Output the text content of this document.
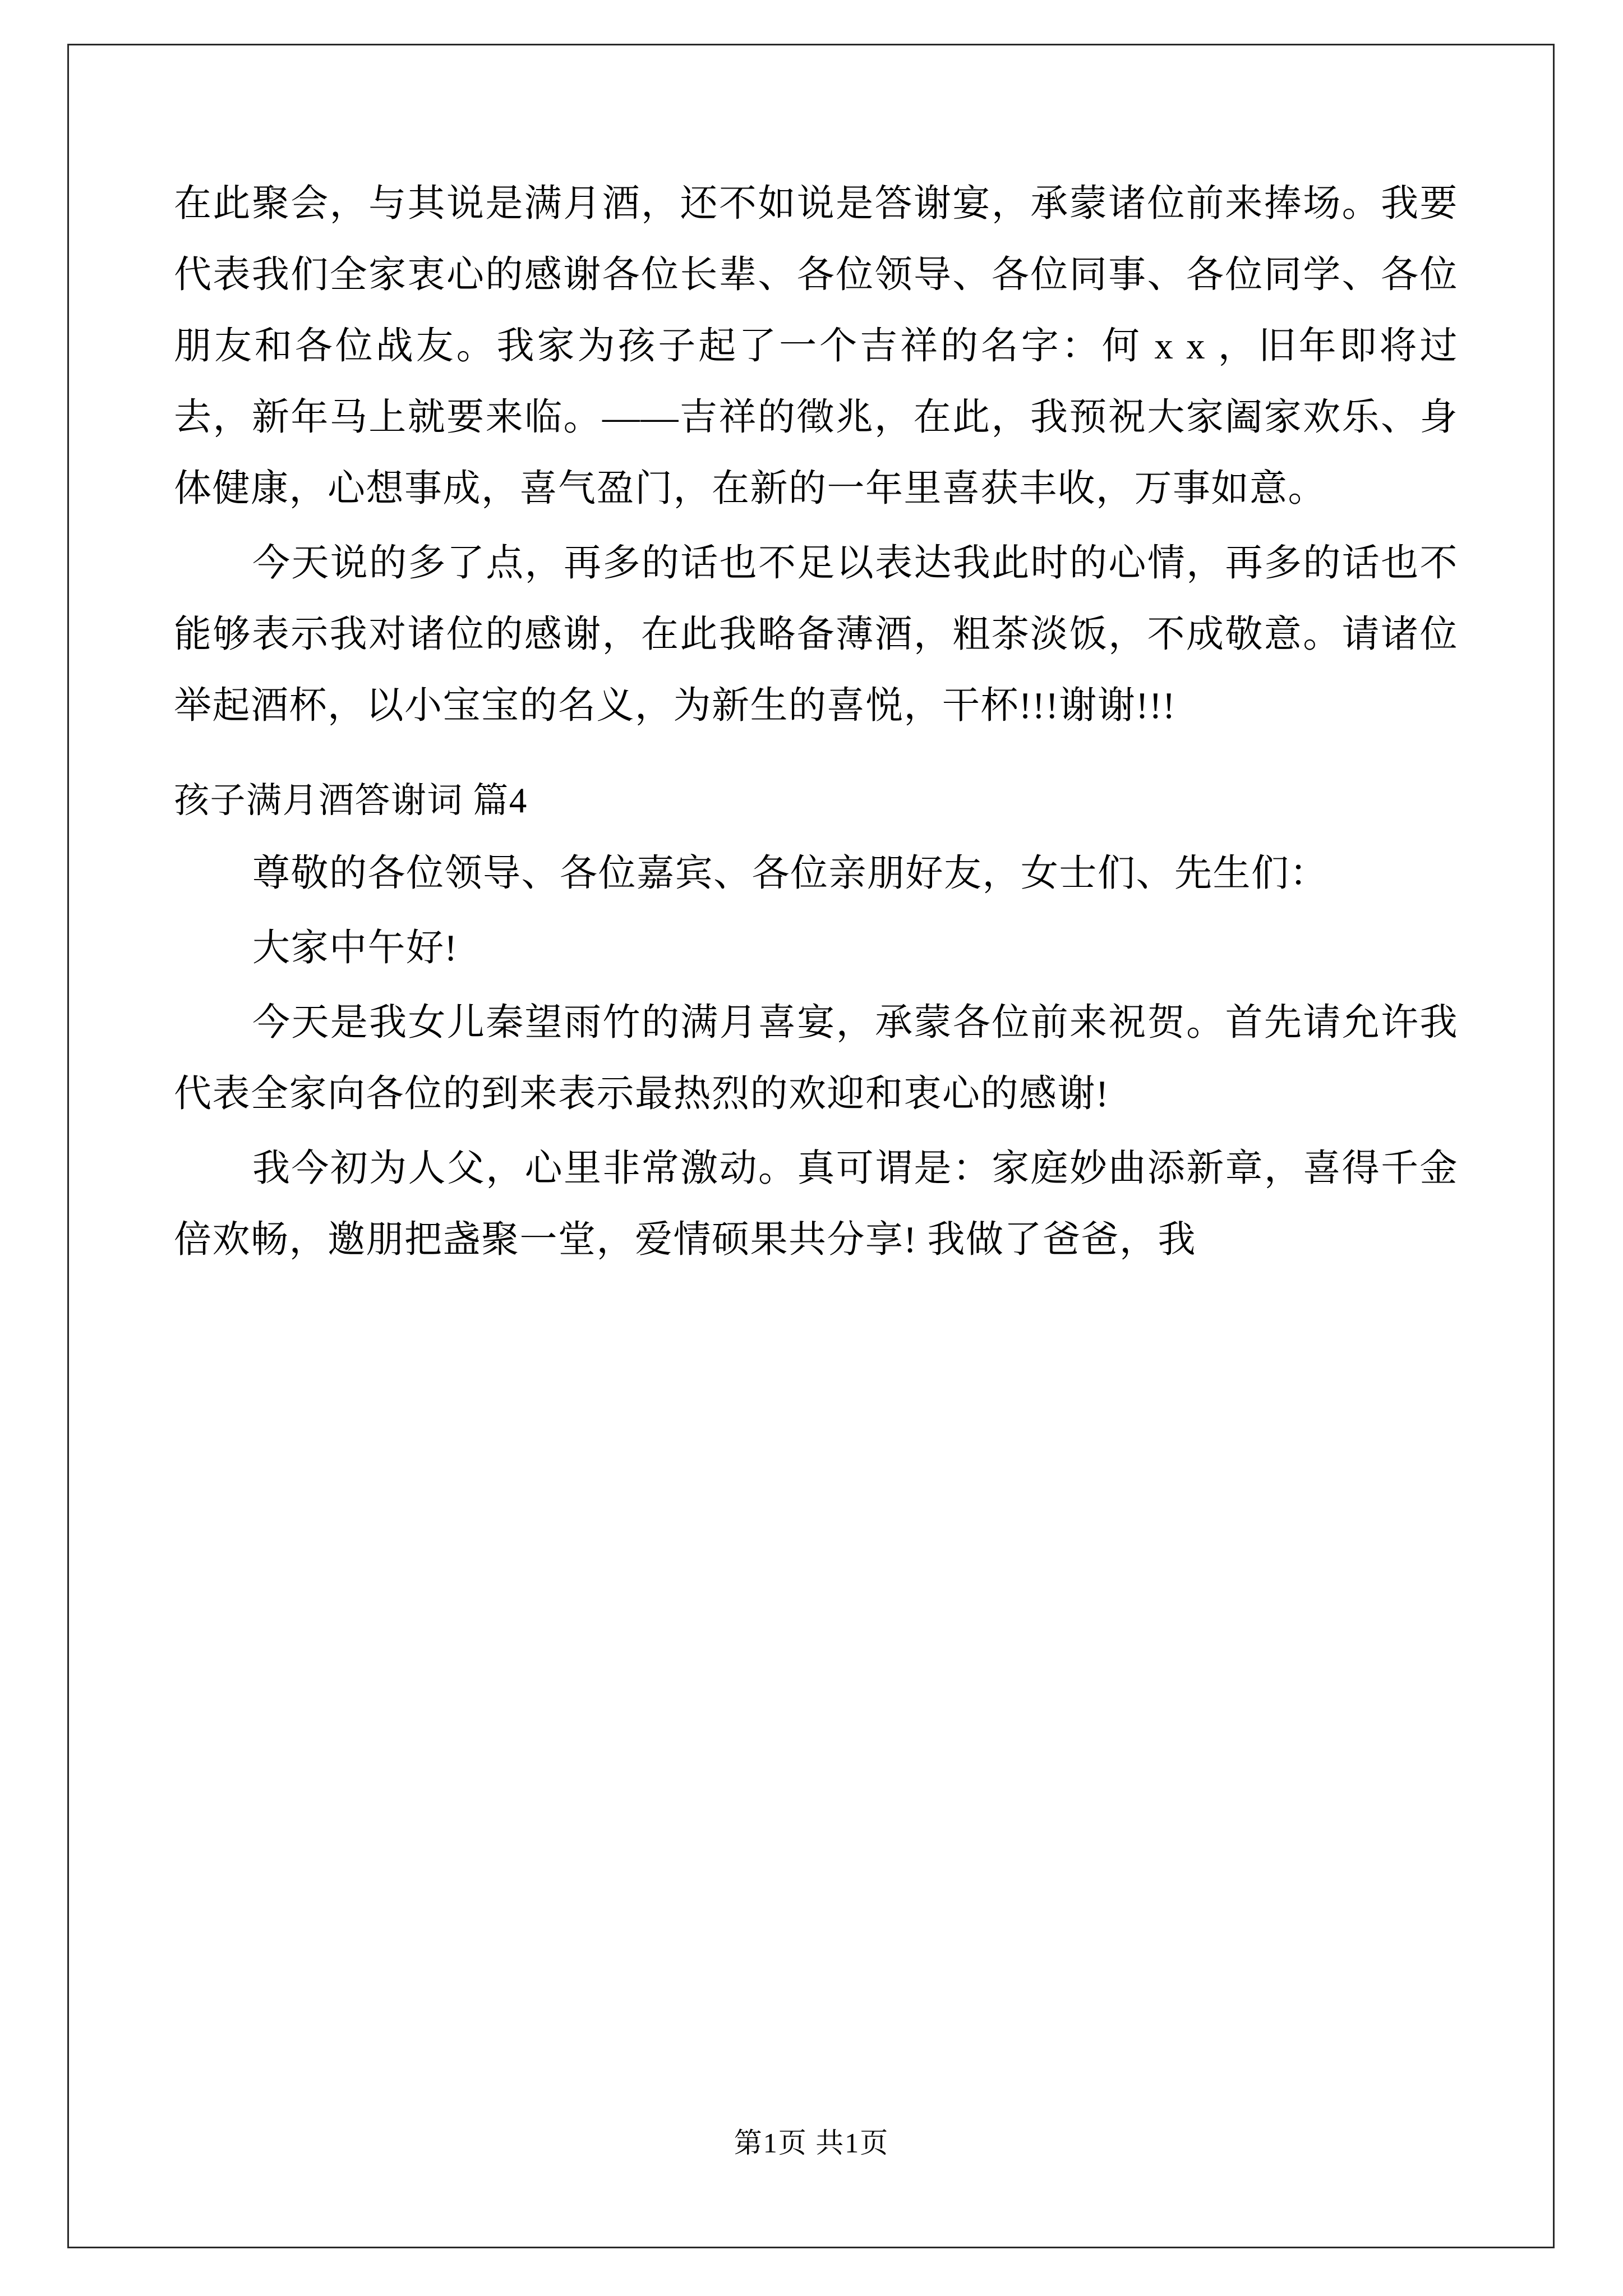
在此聚会，与其说是满月酒，还不如说是答谢宴，承蒙诸位前来捧场。我要代表我们全家衷心的感谢各位长辈、各位领导、各位同事、各位同学、各位朋友和各位战友。我家为孩子起了一个吉祥的名字：何 x x ，旧年即将过去，新年马上就要来临。——吉祥的徵兆，在此，我预祝大家阖家欢乐、身体健康，心想事成，喜气盈门，在新的一年里喜获丰收，万事如意。

今天说的多了点，再多的话也不足以表达我此时的心情，再多的话也不能够表示我对诸位的感谢，在此我略备薄酒，粗茶淡饭，不成敬意。请诸位举起酒杯，以小宝宝的名义，为新生的喜悦，干杯!!!谢谢!!!

孩子满月酒答谢词 篇4

尊敬的各位领导、各位嘉宾、各位亲朋好友，女士们、先生们：

大家中午好!

今天是我女儿秦望雨竹的满月喜宴，承蒙各位前来祝贺。首先请允许我代表全家向各位的到来表示最热烈的欢迎和衷心的感谢!

我今初为人父，心里非常激动。真可谓是：家庭妙曲添新章，喜得千金倍欢畅，邀朋把盏聚一堂，爱情硕果共分享! 我做了爸爸，我

第1页 共1页
